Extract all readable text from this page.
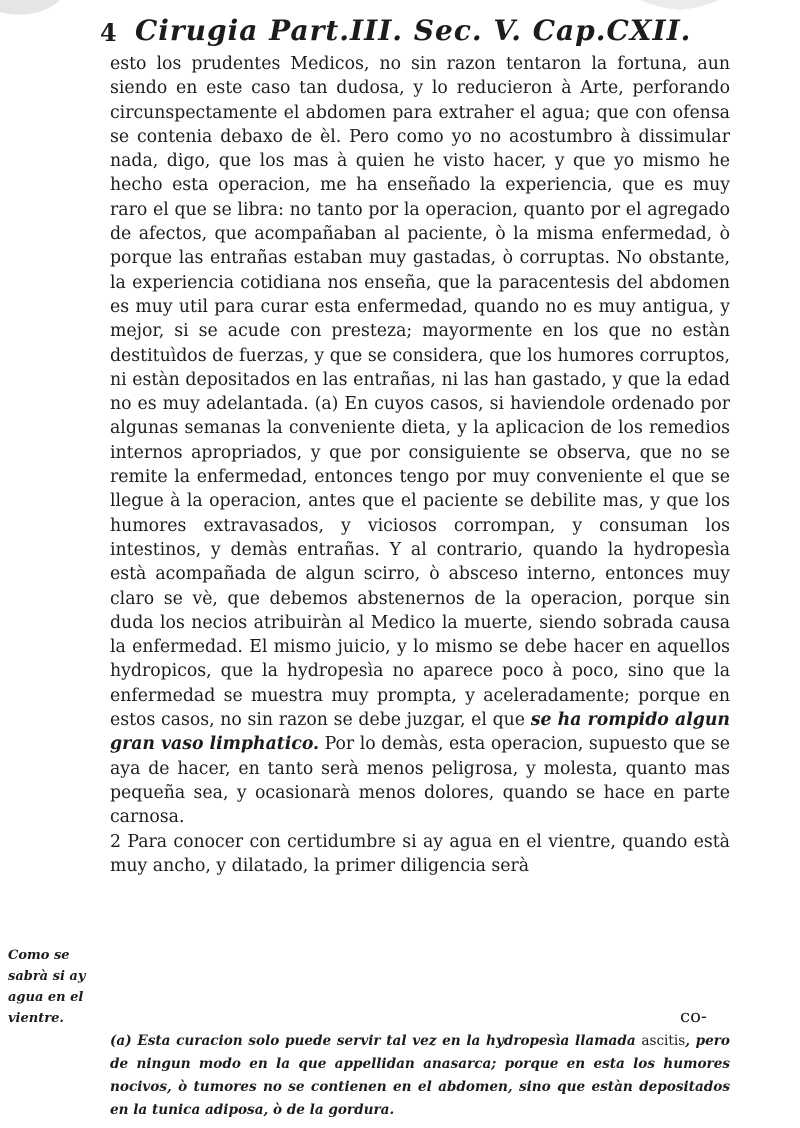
4 Cirugia Part.III. Sec. V. Cap.CXII.

esto los prudentes Medicos, no sin razon tentaron la fortuna, aun siendo en este caso tan dudosa, y lo reducieron à Arte, perforando circunspectamente el abdomen para extraher el agua; que con ofensa se contenia debaxo de èl. Pero como yo no acostumbro à dissimular nada, digo, que los mas à quien he visto hacer, y que yo mismo he hecho esta operacion, me ha enseñado la experiencia, que es muy raro el que se libra: no tanto por la operacion, quanto por el agregado de afectos, que acompañaban al paciente, ò la misma enfermedad, ò porque las entrañas estaban muy gastadas, ò corruptas. No obstante, la experiencia cotidiana nos enseña, que la paracentesis del abdomen es muy util para curar esta enfermedad, quando no es muy antigua, y mejor, si se acude con presteza; mayormente en los que no estàn destituìdos de fuerzas, y que se considera, que los humores corruptos, ni estàn depositados en las entrañas, ni las han gastado, y que la edad no es muy adelantada. (a) En cuyos casos, si haviendole ordenado por algunas semanas la conveniente dieta, y la aplicacion de los remedios internos apropriados, y que por consiguiente se observa, que no se remite la enfermedad, entonces tengo por muy conveniente el que se llegue à la operacion, antes que el paciente se debilite mas, y que los humores extravasados, y viciosos corrompan, y consuman los intestinos, y demàs entrañas. Y al contrario, quando la hydropesìa està acompañada de algun scirro, ò absceso interno, entonces muy claro se vè, que debemos abstenernos de la operacion, porque sin duda los necios atribuiràn al Medico la muerte, siendo sobrada causa la enfermedad. El mismo juicio, y lo mismo se debe hacer en aquellos hydropicos, que la hydropesìa no aparece poco à poco, sino que la enfermedad se muestra muy prompta, y aceleradamente; porque en estos casos, no sin razon se debe juzgar, el que se ha rompido algun gran vaso limphatico. Por lo demàs, esta operacion, supuesto que se aya de hacer, en tanto serà menos peligrosa, y molesta, quanto mas pequeña sea, y ocasionarà menos dolores, quando se hace en parte carnosa.
2 Para conocer con certidumbre si ay agua en el vientre, quando està muy ancho, y dilatado, la primer diligencia serà

co-
Como se sabrà si ay agua en el vientre.

(a) Esta curacion solo puede servir tal vez en la hydropesìa llamada ascitis, pero de ningun modo en la que appellidan anasarca; porque en esta los humores nocivos, ò tumores no se contienen en el abdomen, sino que estàn depositados en la tunica adiposa, ò de la gordura.
